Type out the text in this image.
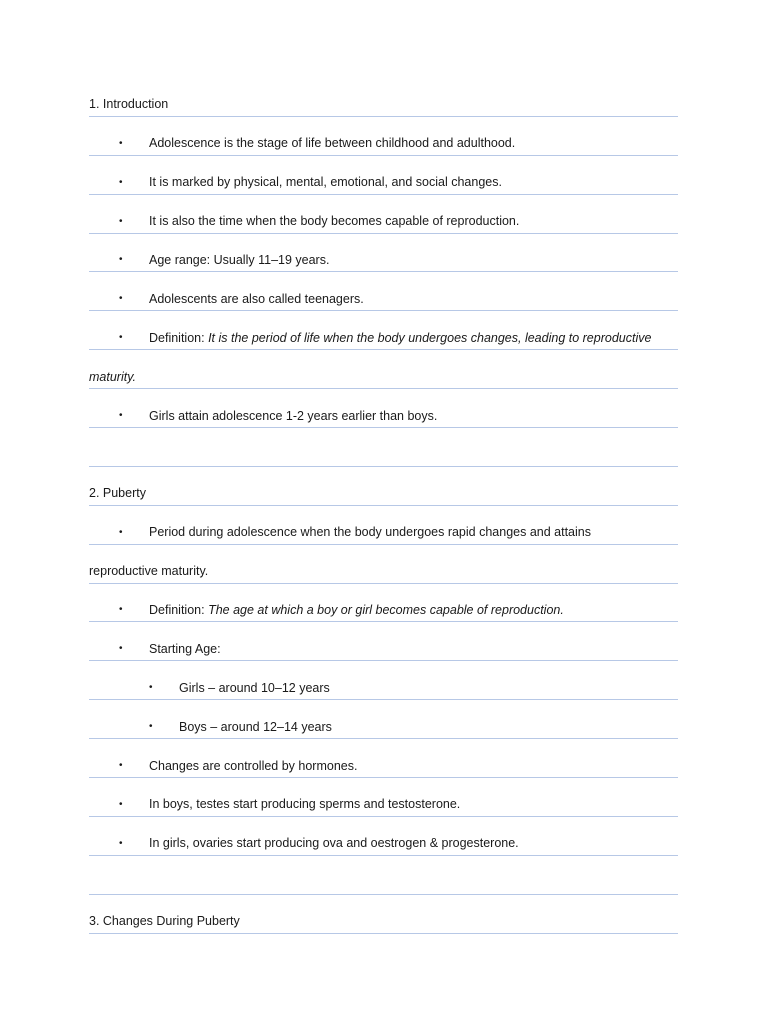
1. Introduction
• Adolescence is the stage of life between childhood and adulthood.
• It is marked by physical, mental, emotional, and social changes.
• It is also the time when the body becomes capable of reproduction.
• Age range: Usually 11–19 years.
• Adolescents are also called teenagers.
• Definition: It is the period of life when the body undergoes changes, leading to reproductive
maturity.
• Girls attain adolescence 1-2 years earlier than boys.
2. Puberty
• Period during adolescence when the body undergoes rapid changes and attains
reproductive maturity.
• Definition: The age at which a boy or girl becomes capable of reproduction.
• Starting Age:
• Girls – around 10–12 years
• Boys – around 12–14 years
• Changes are controlled by hormones.
• In boys, testes start producing sperms and testosterone.
• In girls, ovaries start producing ova and oestrogen & progesterone.
3. Changes During Puberty
